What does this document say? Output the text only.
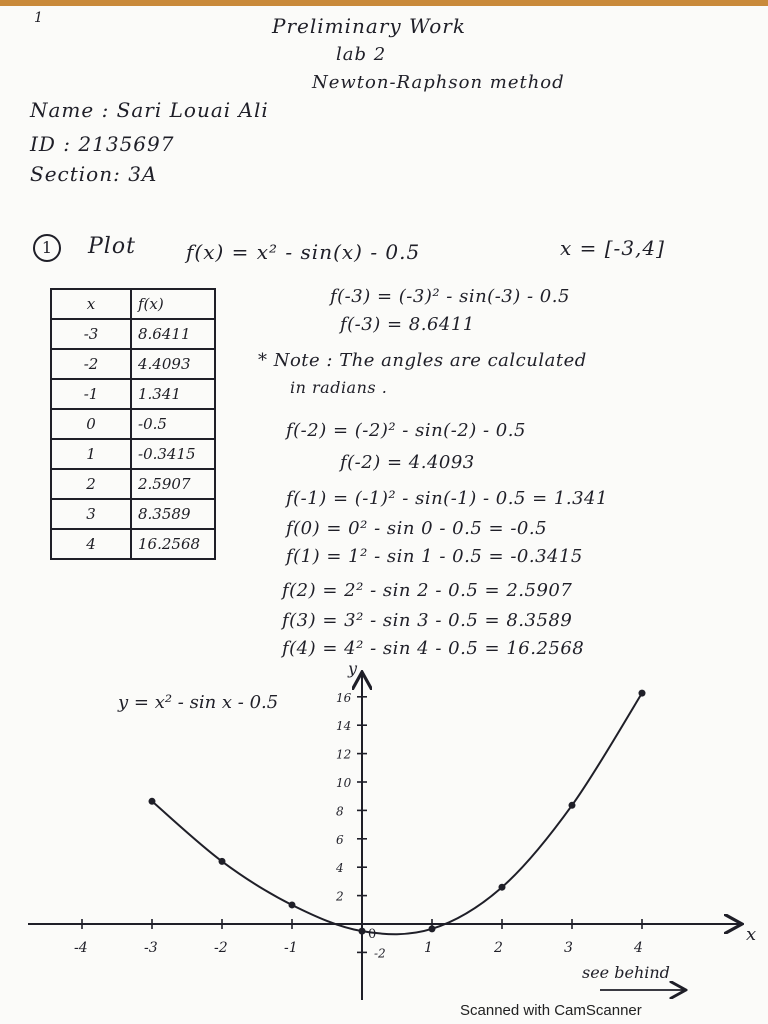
1	Preliminary Work
lab 2
Newton-Raphson method
Name : Sari Louai Ali
ID : 2135697
Section: 3A
1	Plot	f(x) = x² - sin(x) - 0.5	x = [-3,4]
x	f(x)
-3	8.6411
-2	4.4093
-1	1.341
0	-0.5
1	-0.3415
2	2.5907
3	8.3589
4	16.2568
f(-3) = (-3)² - sin(-3) - 0.5
f(-3) = 8.6411
* Note : The angles are calculated
in radians .
f(-2) = (-2)² - sin(-2) - 0.5
f(-2) = 4.4093
f(-1) = (-1)² - sin(-1) - 0.5 = 1.341
f(0) = 0² - sin 0 - 0.5 = -0.5
f(1) = 1² - sin 1 - 0.5 = -0.3415
f(2) = 2² - sin 2 - 0.5 = 2.5907
f(3) = 3² - sin 3 - 0.5 = 8.3589
f(4) = 4² - sin 4 - 0.5 = 16.2568
-4	-3	-2	-1	1	2	3	4
16
14
12
10
8
6
4
2
-2
y = x² - sin x - 0.5
x
y
0
see behind
Scanned with CamScanner
